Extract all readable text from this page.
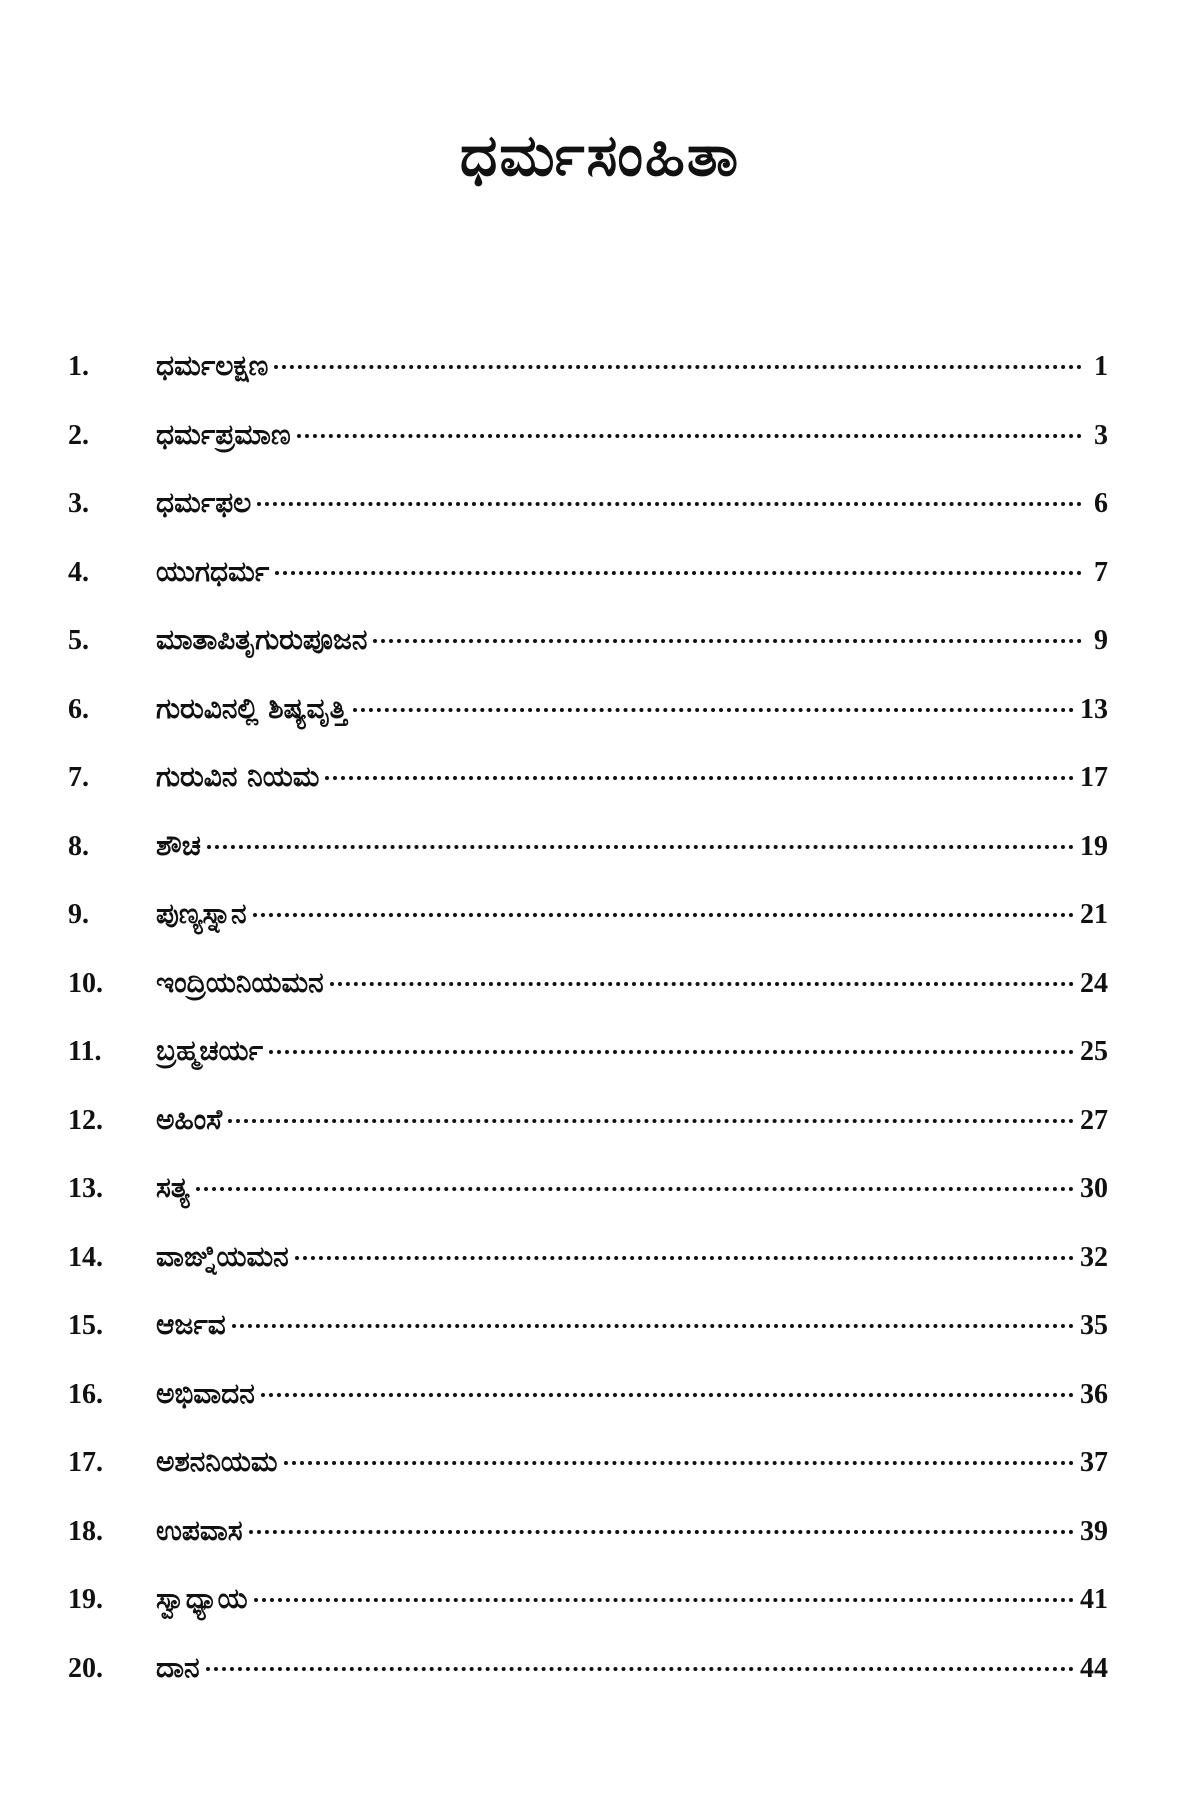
ಧರ್ಮಸಂಹಿತಾ
1.	ಧರ್ಮಲಕ್ಷಣ	1
2.	ಧರ್ಮಪ್ರಮಾಣ	3
3.	ಧರ್ಮಫಲ	6
4.	ಯುಗಧರ್ಮ	7
5.	ಮಾತಾಪಿತೃಗುರುಪೂಜನ	9
6.	ಗುರುವಿನಲ್ಲಿ ಶಿಷ್ಯವೃತ್ತಿ	13
7.	ಗುರುವಿನ ನಿಯಮ	17
8.	ಶೌಚ	19
9.	ಪುಣ್ಯಸ್ನಾನ	21
10.	ಇಂದ್ರಿಯನಿಯಮನ	24
11.	ಬ್ರಹ್ಮಚರ್ಯ	25
12.	ಅಹಿಂಸೆ	27
13.	ಸತ್ಯ	30
14.	ವಾಙ್ನಿಯಮನ	32
15.	ಆರ್ಜವ	35
16.	ಅಭಿವಾದನ	36
17.	ಅಶನನಿಯಮ	37
18.	ಉಪವಾಸ	39
19.	ಸ್ವಾಧ್ಯಾಯ	41
20.	ದಾನ	44
